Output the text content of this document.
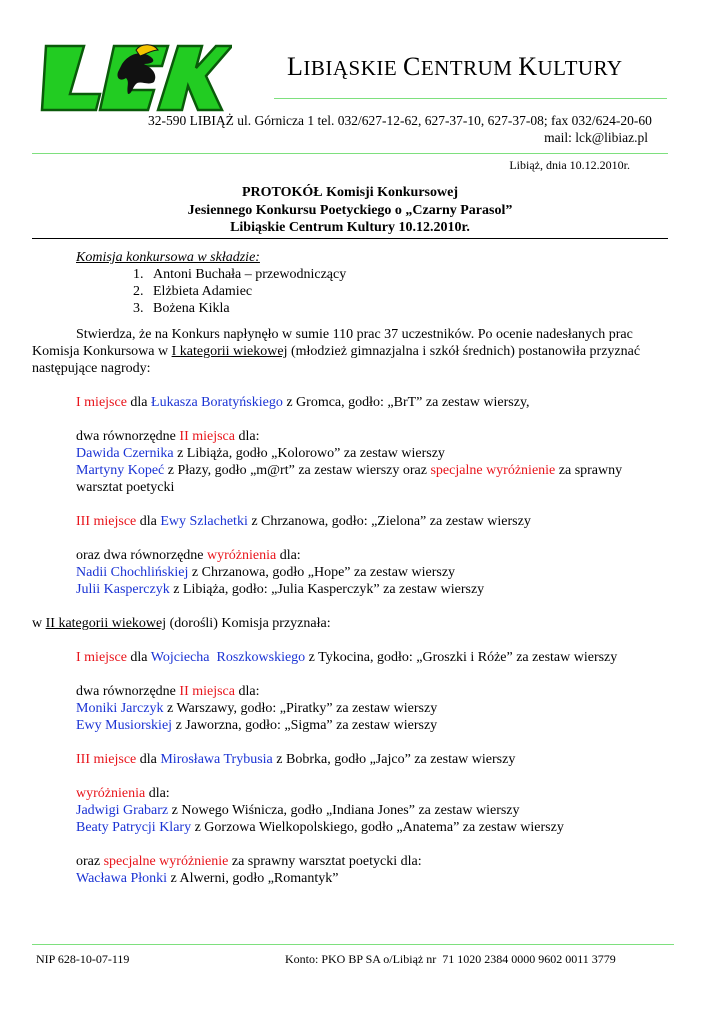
LIBIĄSKIE CENTRUM KULTURY
32-590 LIBIĄŻ ul. Górnicza 1 tel. 032/627-12-62, 627-37-10, 627-37-08; fax 032/624-20-60
mail: lck@libiaz.pl
Libiąż, dnia 10.12.2010r.
PROTOKÓŁ Komisji Konkursowej
Jesiennego Konkursu Poetyckiego o „Czarny Parasol”
Libiąskie Centrum Kultury 10.12.2010r.
Komisja konkursowa w składzie:
1. Antoni Buchała – przewodniczący
2. Elżbieta Adamiec
3. Bożena Kikla
Stwierdza, że na Konkurs napłynęło w sumie 110 prac 37 uczestników. Po ocenie nadesłanych prac Komisja Konkursowa w I kategorii wiekowej (młodzież gimnazjalna i szkół średnich) postanowiła przyznać następujące nagrody:
I miejsce dla Łukasza Boratyńskiego z Gromca, godło: „BrT” za zestaw wierszy,
dwa równorzędne II miejsca dla:
Dawida Czernika z Libiąża, godło „Kolorowo” za zestaw wierszy
Martyny Kopeć z Płazy, godło „m@rt” za zestaw wierszy oraz specjalne wyróżnienie za sprawny warsztat poetycki
III miejsce dla Ewy Szlachetki z Chrzanowa, godło: „Zielona” za zestaw wierszy
oraz dwa równorzędne wyróżnienia dla:
Nadii Chochlińskiej z Chrzanowa, godło „Hope” za zestaw wierszy
Julii Kasperczyk z Libiąża, godło: „Julia Kasperczyk” za zestaw wierszy
w II kategorii wiekowej (dorośli) Komisja przyznała:
I miejsce dla Wojciecha  Roszkowskiego z Tykocina, godło: „Groszki i Róże” za zestaw wierszy
dwa równorzędne II miejsca dla:
Moniki Jarczyk z Warszawy, godło: „Piratky” za zestaw wierszy
Ewy Musiorskiej z Jaworzna, godło: „Sigma” za zestaw wierszy
III miejsce dla Mirosława Trybusia z Bobrka, godło „Jajco” za zestaw wierszy
wyróżnienia dla:
Jadwigi Grabarz z Nowego Wiśnicza, godło „Indiana Jones” za zestaw wierszy
Beaty Patrycji Klary z Gorzowa Wielkopolskiego, godło „Anatema” za zestaw wierszy
oraz specjalne wyróżnienie za sprawny warsztat poetycki dla:
Wacława Płonki z Alwerni, godło „Romantyk”
NIP 628-10-07-119	Konto: PKO BP SA o/Libiąż nr  71 1020 2384 0000 9602 0011 3779
